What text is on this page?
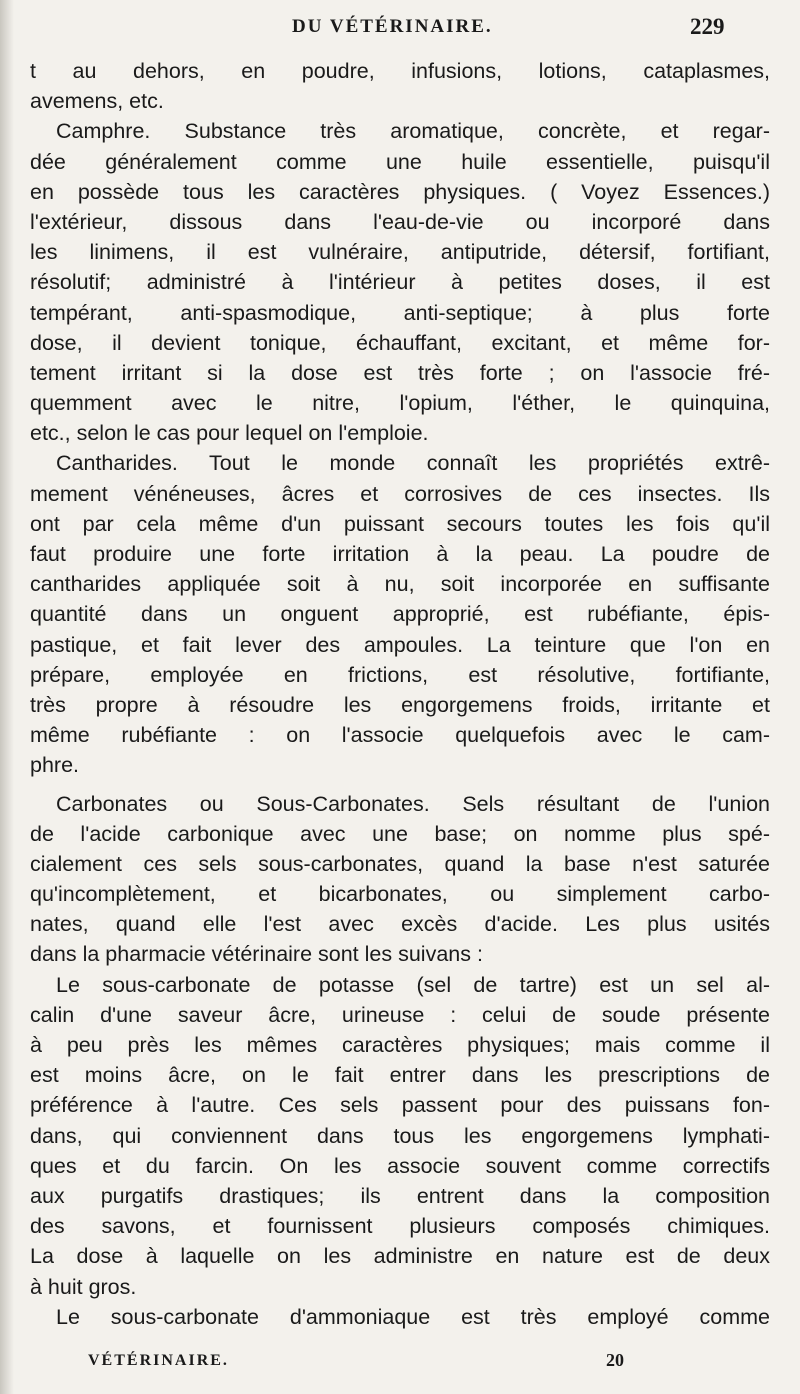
DU VÉTÉRINAIRE.	229
t au dehors, en poudre, infusions, lotions, cataplasmes,
avemens, etc.
Camphre. Substance très aromatique, concrète, et regar-
dée généralement comme une huile essentielle, puisqu'il
en possède tous les caractères physiques. ( Voyez Essences.)
l'extérieur, dissous dans l'eau-de-vie ou incorporé dans
les linimens, il est vulnéraire, antiputride, détersif, fortifiant,
résolutif; administré à l'intérieur à petites doses, il est
tempérant, anti-spasmodique, anti-septique; à plus forte
dose, il devient tonique, échauffant, excitant, et même for-
tement irritant si la dose est très forte ; on l'associe fré-
quemment avec le nitre, l'opium, l'éther, le quinquina,
etc., selon le cas pour lequel on l'emploie.
Cantharides. Tout le monde connaît les propriétés extrê-
mement vénéneuses, âcres et corrosives de ces insectes. Ils
ont par cela même d'un puissant secours toutes les fois qu'il
faut produire une forte irritation à la peau. La poudre de
cantharides appliquée soit à nu, soit incorporée en suffisante
quantité dans un onguent approprié, est rubéfiante, épis-
pastique, et fait lever des ampoules. La teinture que l'on en
prépare, employée en frictions, est résolutive, fortifiante,
très propre à résoudre les engorgemens froids, irritante et
même rubéfiante : on l'associe quelquefois avec le cam-
phre.
Carbonates ou Sous-Carbonates. Sels résultant de l'union
de l'acide carbonique avec une base; on nomme plus spé-
cialement ces sels sous-carbonates, quand la base n'est saturée
qu'incomplètement, et bicarbonates, ou simplement carbo-
nates, quand elle l'est avec excès d'acide. Les plus usités
dans la pharmacie vétérinaire sont les suivans :
Le sous-carbonate de potasse (sel de tartre) est un sel al-
calin d'une saveur âcre, urineuse : celui de soude présente
à peu près les mêmes caractères physiques; mais comme il
est moins âcre, on le fait entrer dans les prescriptions de
préférence à l'autre. Ces sels passent pour des puissans fon-
dans, qui conviennent dans tous les engorgemens lymphati-
ques et du farcin. On les associe souvent comme correctifs
aux purgatifs drastiques; ils entrent dans la composition
des savons, et fournissent plusieurs composés chimiques.
La dose à laquelle on les administre en nature est de deux
à huit gros.
Le sous-carbonate d'ammoniaque est très employé comme
VÉTÉRINAIRE.	20
